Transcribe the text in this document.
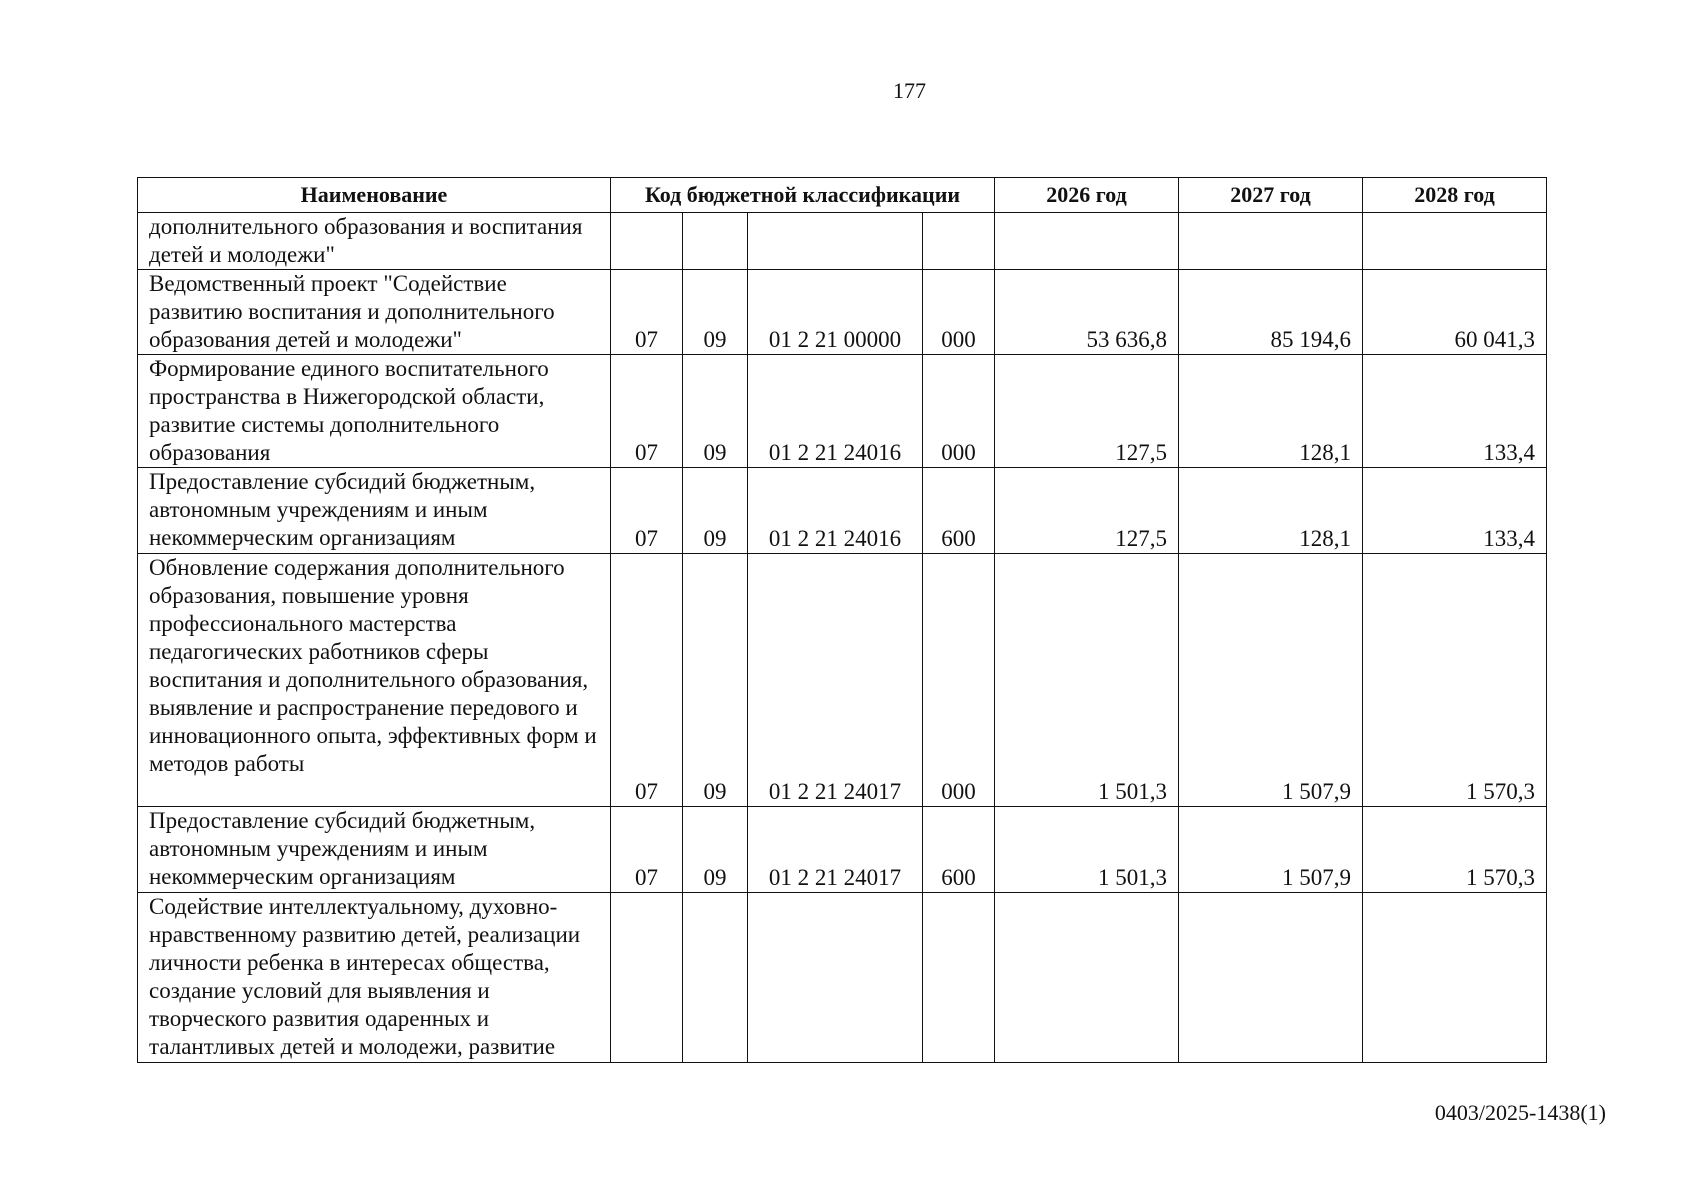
177
Наименование	Код бюджетной классификации				2026 год	2027 год	2028 год
дополнительного образования и воспитания детей и молодежи"							
Ведомственный проект "Содействие развитию воспитания и дополнительного образования детей и молодежи"	07	09	01 2 21 00000	000	53 636,8	85 194,6	60 041,3
Формирование единого воспитательного пространства в Нижегородской области, развитие системы дополнительного образования	07	09	01 2 21 24016	000	127,5	128,1	133,4
Предоставление субсидий бюджетным, автономным учреждениям и иным некоммерческим организациям	07	09	01 2 21 24016	600	127,5	128,1	133,4
Обновление содержания дополнительного образования, повышение уровня профессионального мастерства педагогических работников сферы воспитания и дополнительного образования, выявление и распространение передового и инновационного опыта, эффективных форм и методов работы	07	09	01 2 21 24017	000	1 501,3	1 507,9	1 570,3
Предоставление субсидий бюджетным, автономным учреждениям и иным некоммерческим организациям	07	09	01 2 21 24017	600	1 501,3	1 507,9	1 570,3
Содействие интеллектуальному, духовно-нравственному развитию детей, реализации личности ребенка в интересах общества, создание условий для выявления и творческого развития одаренных и талантливых детей и молодежи, развитие							
0403/2025-1438(1)
